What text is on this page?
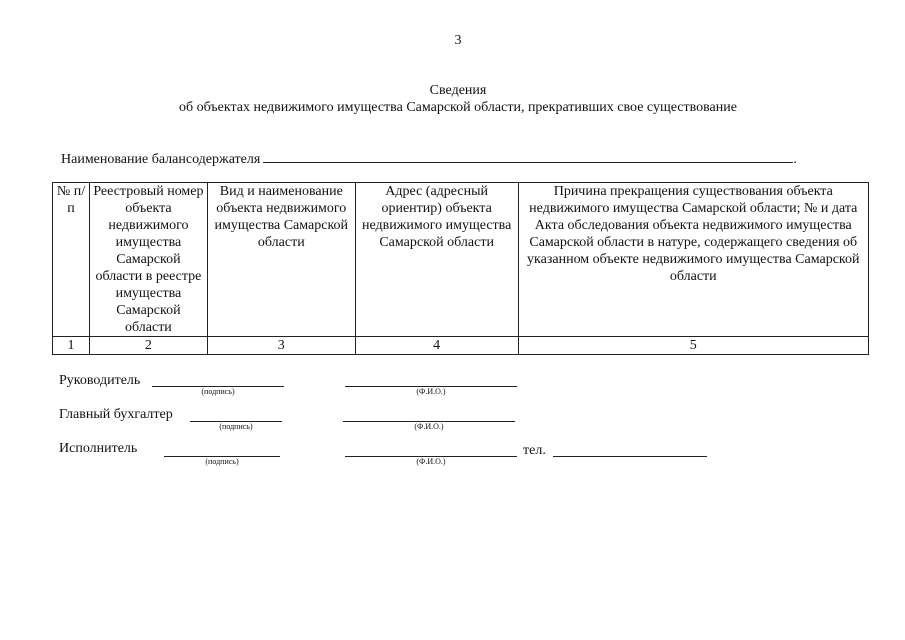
3
Сведения
об объектах недвижимого имущества Самарской области, прекративших свое существование
Наименование балансодержателя	.
№ п/п	Реестровый номер объекта недвижимого имущества Самарской области в реестре имущества Самарской области	Вид и наименование объекта недвижимого имущества Самарской области	Адрес (адресный ориентир) объекта недвижимого имущества Самарской области	Причина прекращения существования объекта недвижимого имущества Самарской области; № и дата Акта обследования объекта недвижимого имущества Самарской области в натуре, содержащего сведения об указанном объекте недвижимого имущества Самарской области
1	2	3	4	5
Руководитель
(подпись)	(Ф.И.О.)
Главный бухгалтер
(подпись)	(Ф.И.О.)
Исполнитель
(подпись)	(Ф.И.О.)
тел.
